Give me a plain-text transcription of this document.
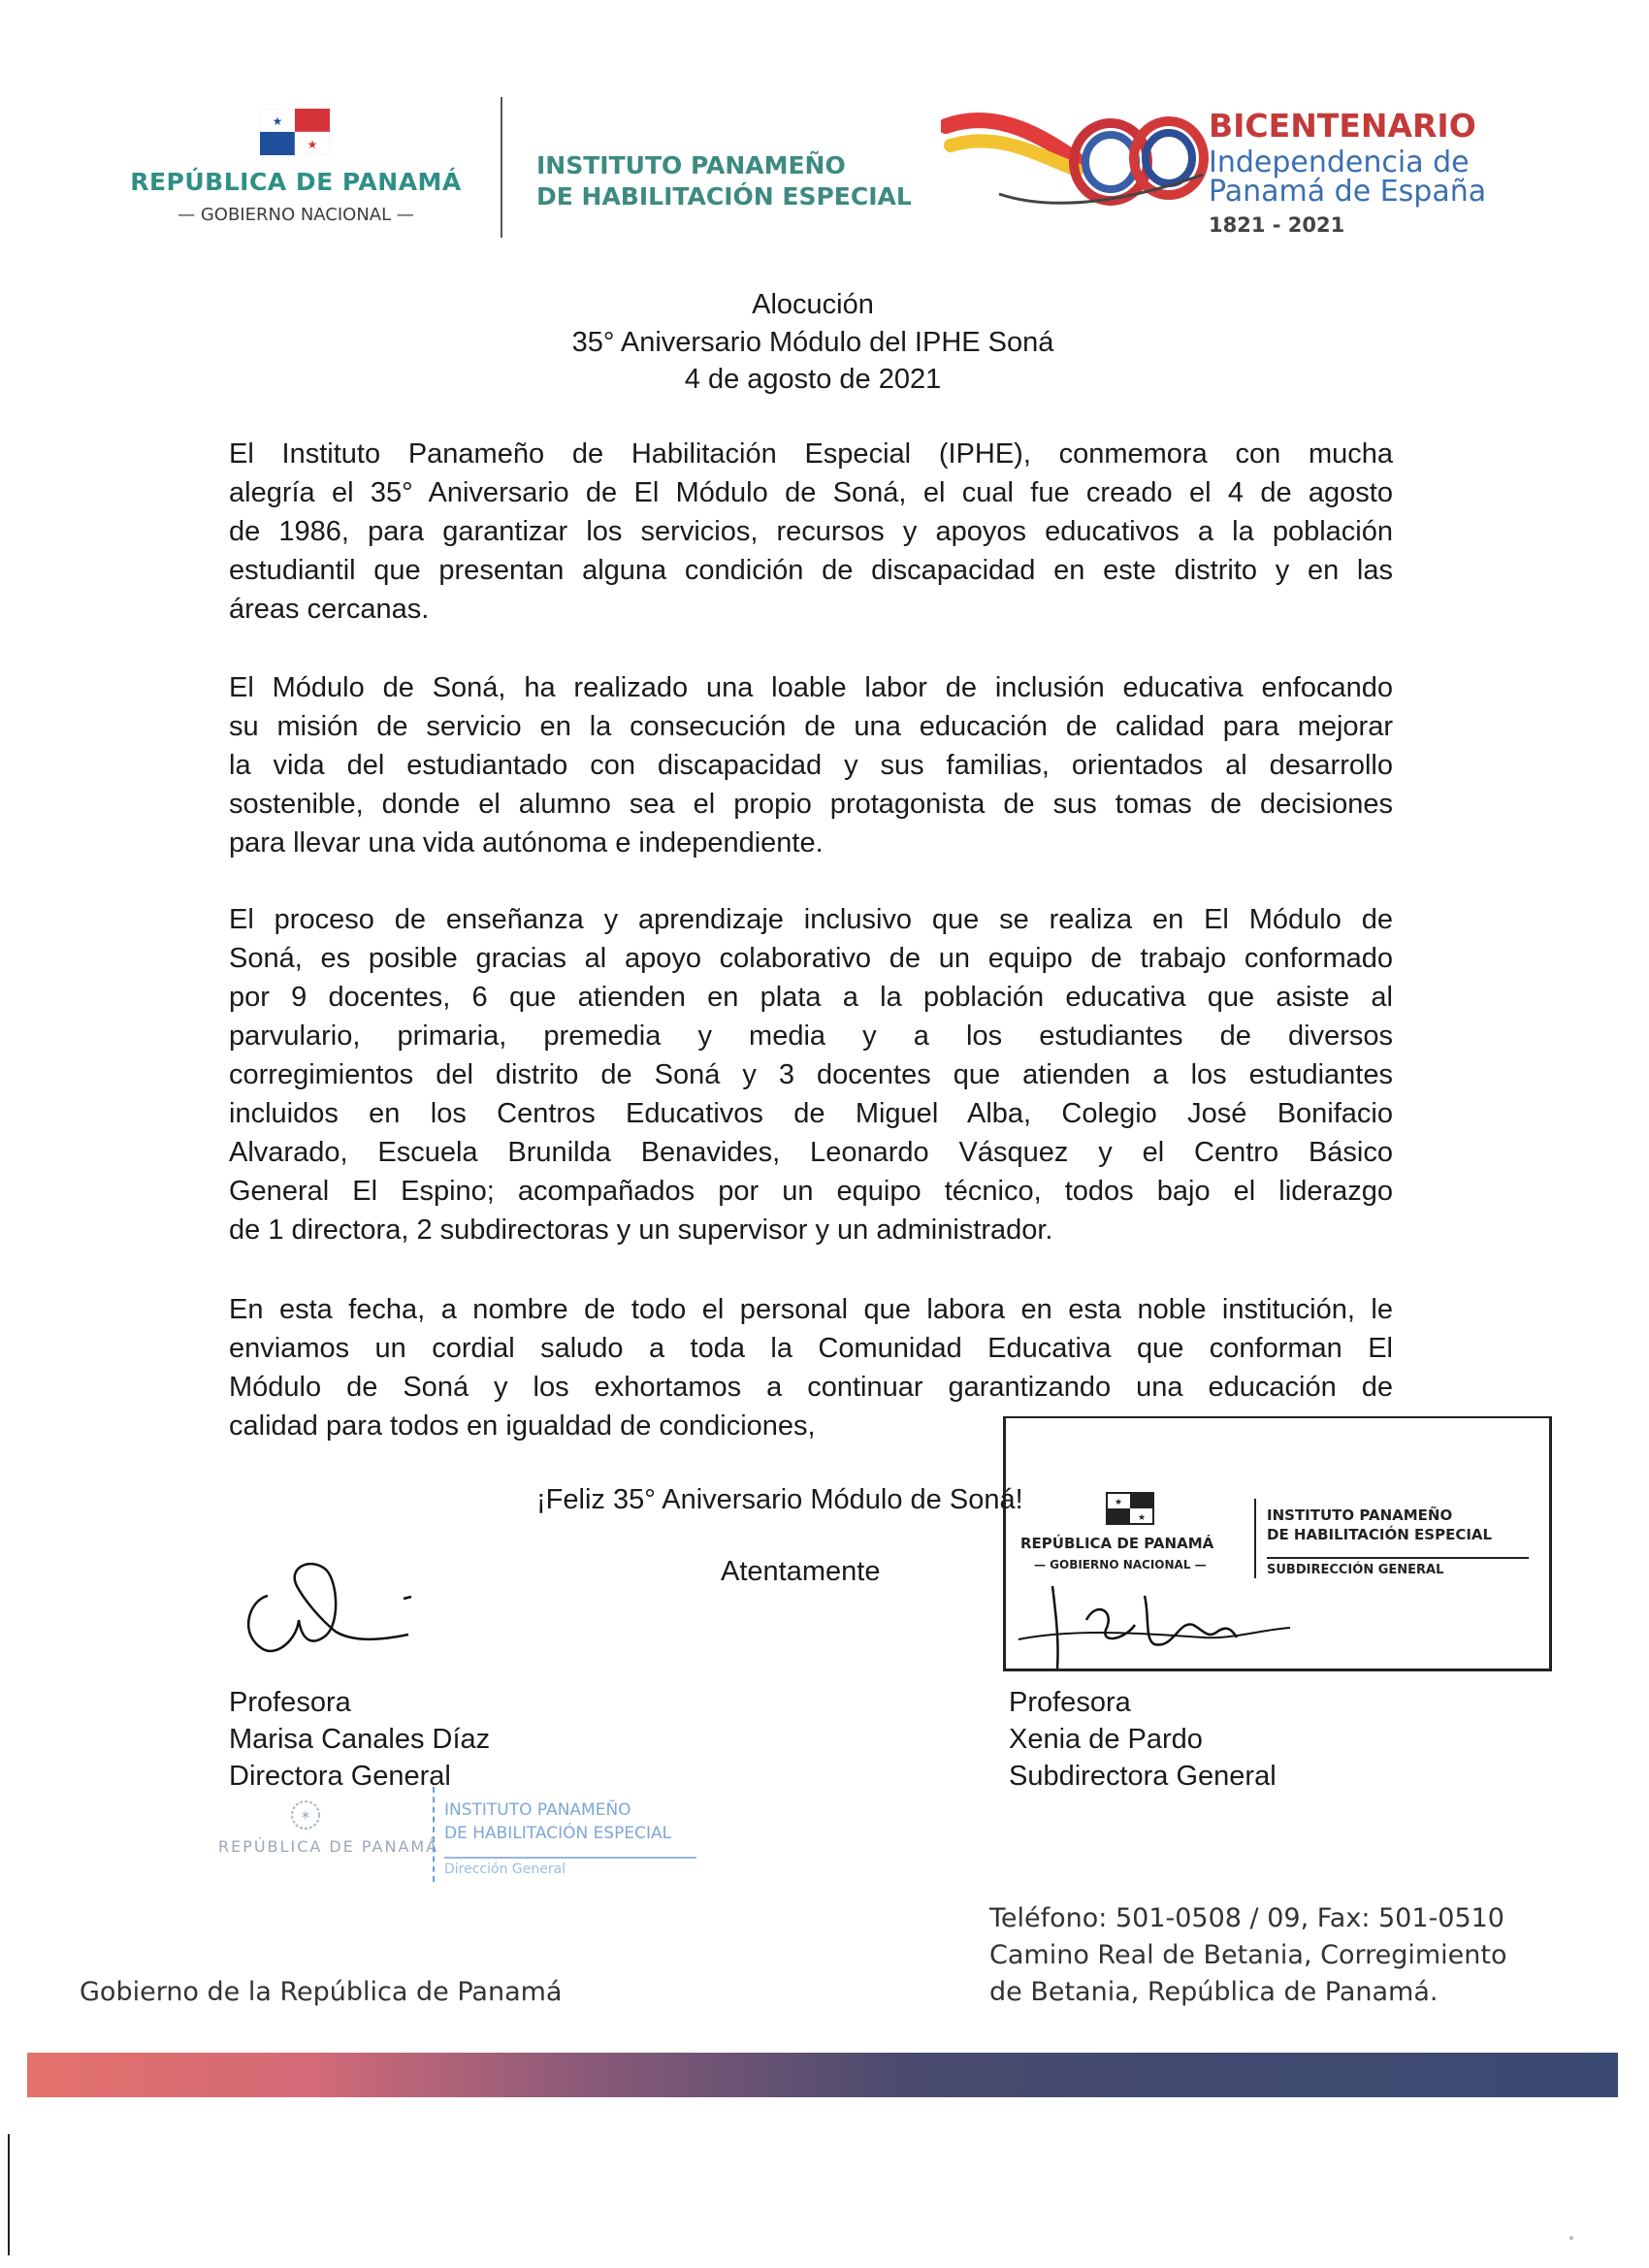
★
★
REPÚBLICA DE PANAMÁ
— GOBIERNO NACIONAL —
INSTITUTO PANAMEÑO
DE HABILITACIÓN ESPECIAL
BICENTENARIO
Independencia de
Panamá de España
1821 - 2021
Alocución
35° Aniversario Módulo del IPHE Soná
4 de agosto de 2021
El Instituto Panameño de Habilitación Especial (IPHE), conmemora con mucha
alegría el 35° Aniversario de El Módulo de Soná, el cual fue creado el 4 de agosto
de 1986, para garantizar los servicios, recursos y apoyos educativos a la población
estudiantil que presentan alguna condición de discapacidad en este distrito y en las
áreas cercanas.
El Módulo de Soná, ha realizado una loable labor de inclusión educativa enfocando
su misión de servicio en la consecución de una educación de calidad para mejorar
la vida del estudiantado con discapacidad y sus familias, orientados al desarrollo
sostenible, donde el alumno sea el propio protagonista de sus tomas de decisiones
para llevar una vida autónoma e independiente.
El proceso de enseñanza y aprendizaje inclusivo que se realiza en El Módulo de
Soná, es posible gracias al apoyo colaborativo de un equipo de trabajo conformado
por 9 docentes, 6 que atienden en plata a la población educativa que asiste al
parvulario, primaria, premedia y media y a los estudiantes de diversos
corregimientos del distrito de Soná y 3 docentes que atienden a los estudiantes
incluidos en los Centros Educativos de Miguel Alba, Colegio José Bonifacio
Alvarado, Escuela Brunilda Benavides, Leonardo Vásquez y el Centro Básico
General El Espino; acompañados por un equipo técnico, todos bajo el liderazgo
de 1 directora, 2 subdirectoras y un supervisor y un administrador.
En esta fecha, a nombre de todo el personal que labora en esta noble institución, le
enviamos un cordial saludo a toda la Comunidad Educativa que conforman El
Módulo de Soná y los exhortamos a continuar garantizando una educación de
calidad para todos en igualdad de condiciones,
★
★
REPÚBLICA DE PANAMÁ
— GOBIERNO NACIONAL —
INSTITUTO PANAMEÑO
DE HABILITACIÓN ESPECIAL
SUBDIRECCIÓN GENERAL
¡Feliz 35° Aniversario Módulo de Soná!
Atentamente
Profesora
Marisa Canales Díaz
Directora General
Profesora
Xenia de Pardo
Subdirectora General
✶
REPÚBLICA DE PANAMÁ
INSTITUTO PANAMEÑO
DE HABILITACIÓN ESPECIAL
Dirección General
Teléfono: 501-0508 / 09, Fax: 501-0510
Camino Real de Betania, Corregimiento
de Betania, República de Panamá.
Gobierno de la República de Panamá
